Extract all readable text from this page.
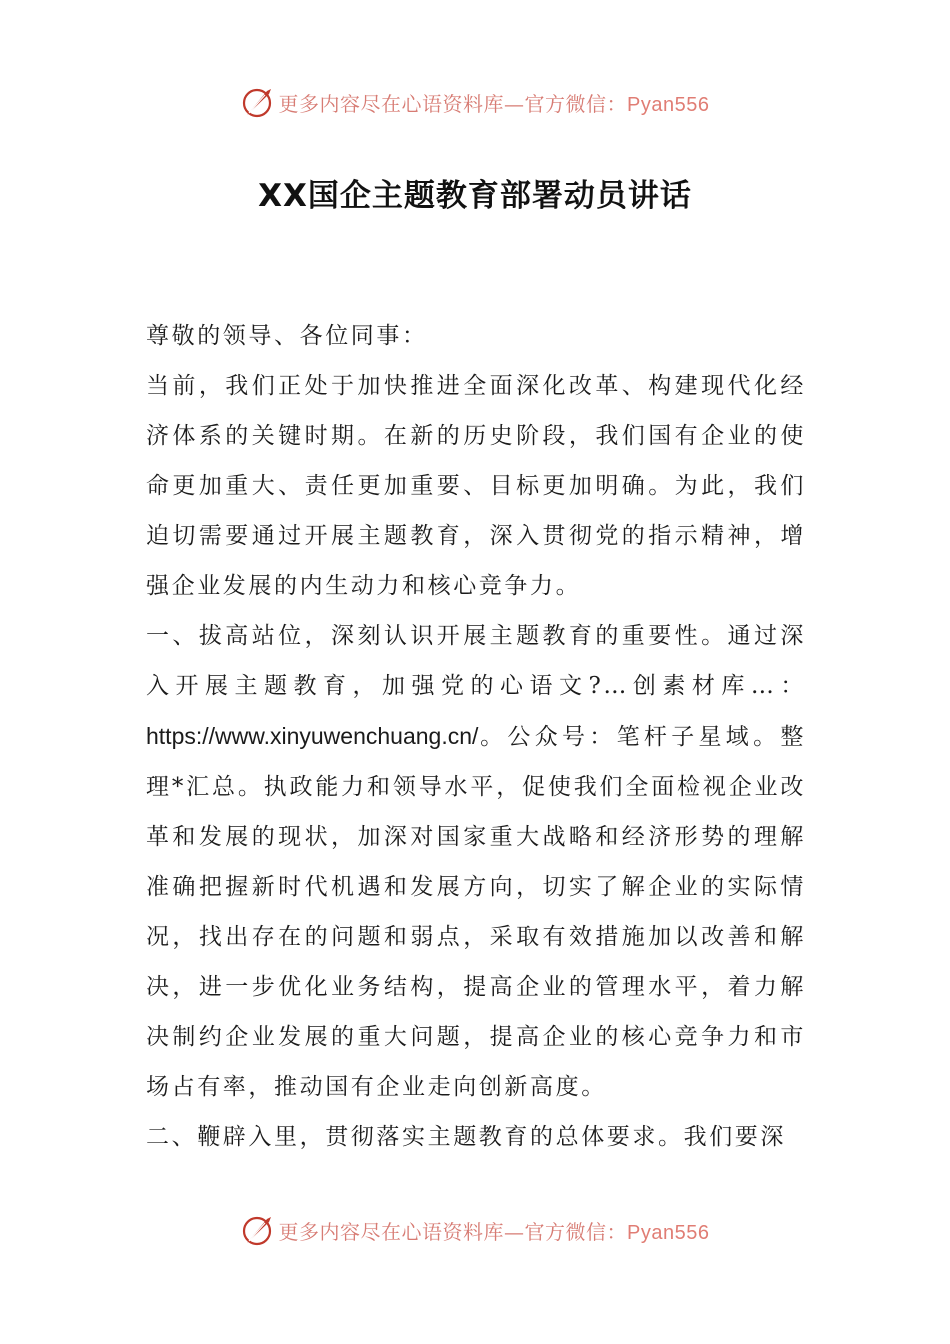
更多内容尽在心语资料库—官方微信：Pyan556
XX国企主题教育部署动员讲话

尊敬的领导、各位同事：

当前，我们正处于加快推进全面深化改革、构建现代化经济体系的关键时期。在新的历史阶段，我们国有企业的使命更加重大、责任更加重要、目标更加明确。为此，我们迫切需要通过开展主题教育，深入贯彻党的指示精神，增强企业发展的内生动力和核心竞争力。

一、拔高站位，深刻认识开展主题教育的重要性。通过深入开展主题教育，加强党的心语文?…创素材库…：https://www.xinyuwenchuang.cn/。公众号：笔杆子星域。整理*汇总。执政能力和领导水平，促使我们全面检视企业改革和发展的现状，加深对国家重大战略和经济形势的理解准确把握新时代机遇和发展方向，切实了解企业的实际情况，找出存在的问题和弱点，采取有效措施加以改善和解决，进一步优化业务结构，提高企业的管理水平，着力解决制约企业发展的重大问题，提高企业的核心竞争力和市场占有率，推动国有企业走向创新高度。

二、鞭辟入里，贯彻落实主题教育的总体要求。我们要深

更多内容尽在心语资料库—官方微信：Pyan556
